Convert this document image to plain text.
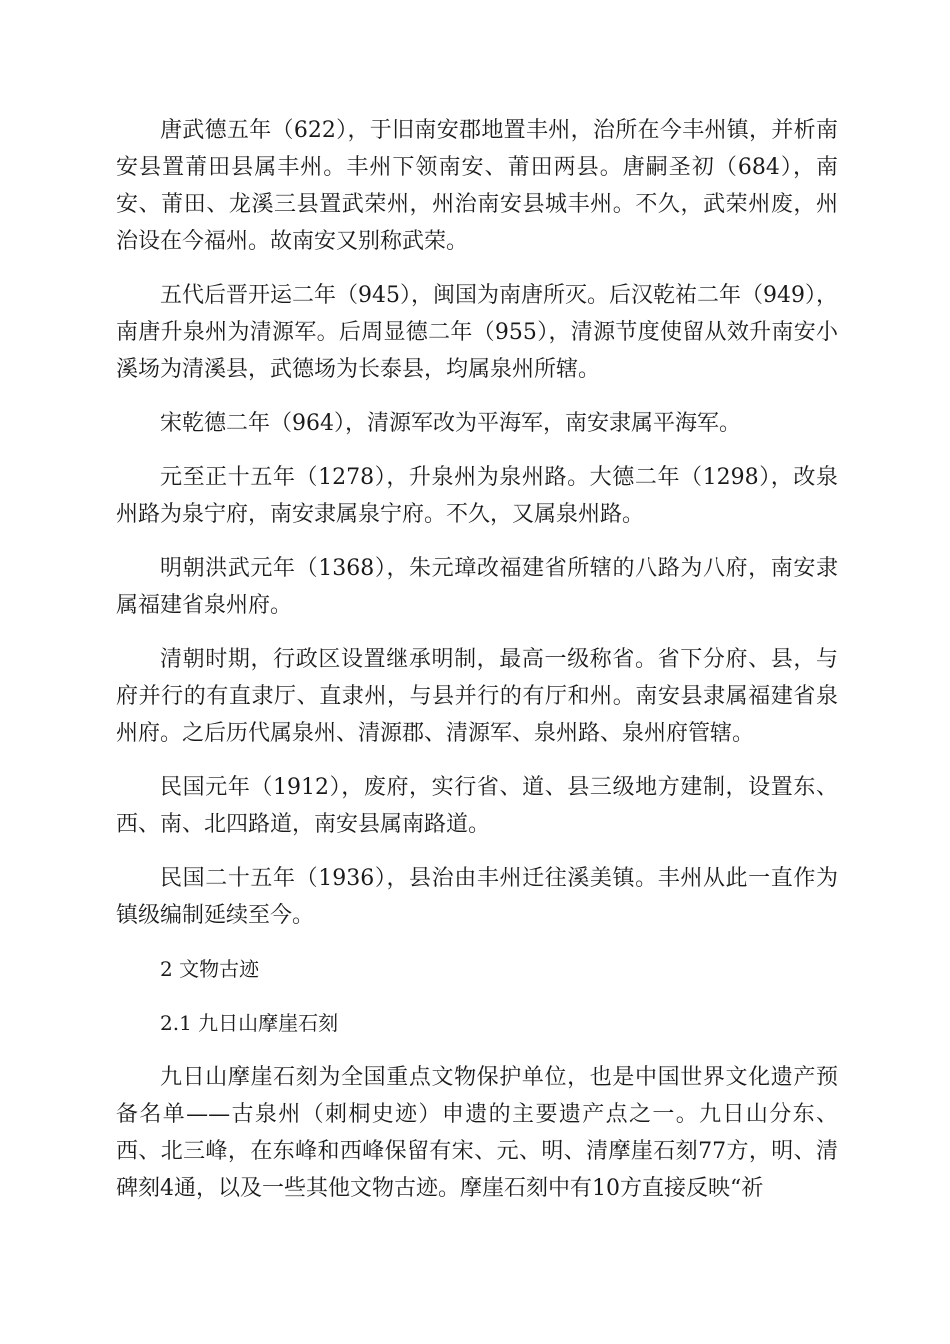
唐武德五年（622），于旧南安郡地置丰州，治所在今丰州镇，并析南安县置莆田县属丰州。丰州下领南安、莆田两县。唐嗣圣初（684），南安、莆田、龙溪三县置武荣州，州治南安县城丰州。不久，武荣州废，州治设在今福州。故南安又别称武荣。

五代后晋开运二年（945），闽国为南唐所灭。后汉乾祐二年（949），南唐升泉州为清源军。后周显德二年（955），清源节度使留从效升南安小溪场为清溪县，武德场为长泰县，均属泉州所辖。

宋乾德二年（964），清源军改为平海军，南安隶属平海军。

元至正十五年（1278），升泉州为泉州路。大德二年（1298），改泉州路为泉宁府，南安隶属泉宁府。不久，又属泉州路。

明朝洪武元年（1368），朱元璋改福建省所辖的八路为八府，南安隶属福建省泉州府。

清朝时期，行政区设置继承明制，最高一级称省。省下分府、县，与府并行的有直隶厅、直隶州，与县并行的有厅和州。南安县隶属福建省泉州府。之后历代属泉州、清源郡、清源军、泉州路、泉州府管辖。

民国元年（1912），废府，实行省、道、县三级地方建制，设置东、西、南、北四路道，南安县属南路道。

民国二十五年（1936），县治由丰州迁往溪美镇。丰州从此一直作为镇级编制延续至今。

2 文物古迹

2.1 九日山摩崖石刻

九日山摩崖石刻为全国重点文物保护单位，也是中国世界文化遗产预备名单——古泉州（刺桐史迹）申遗的主要遗产点之一。九日山分东、西、北三峰，在东峰和西峰保留有宋、元、明、清摩崖石刻77方，明、清碑刻4通，以及一些其他文物古迹。摩崖石刻中有10方直接反映“祈
